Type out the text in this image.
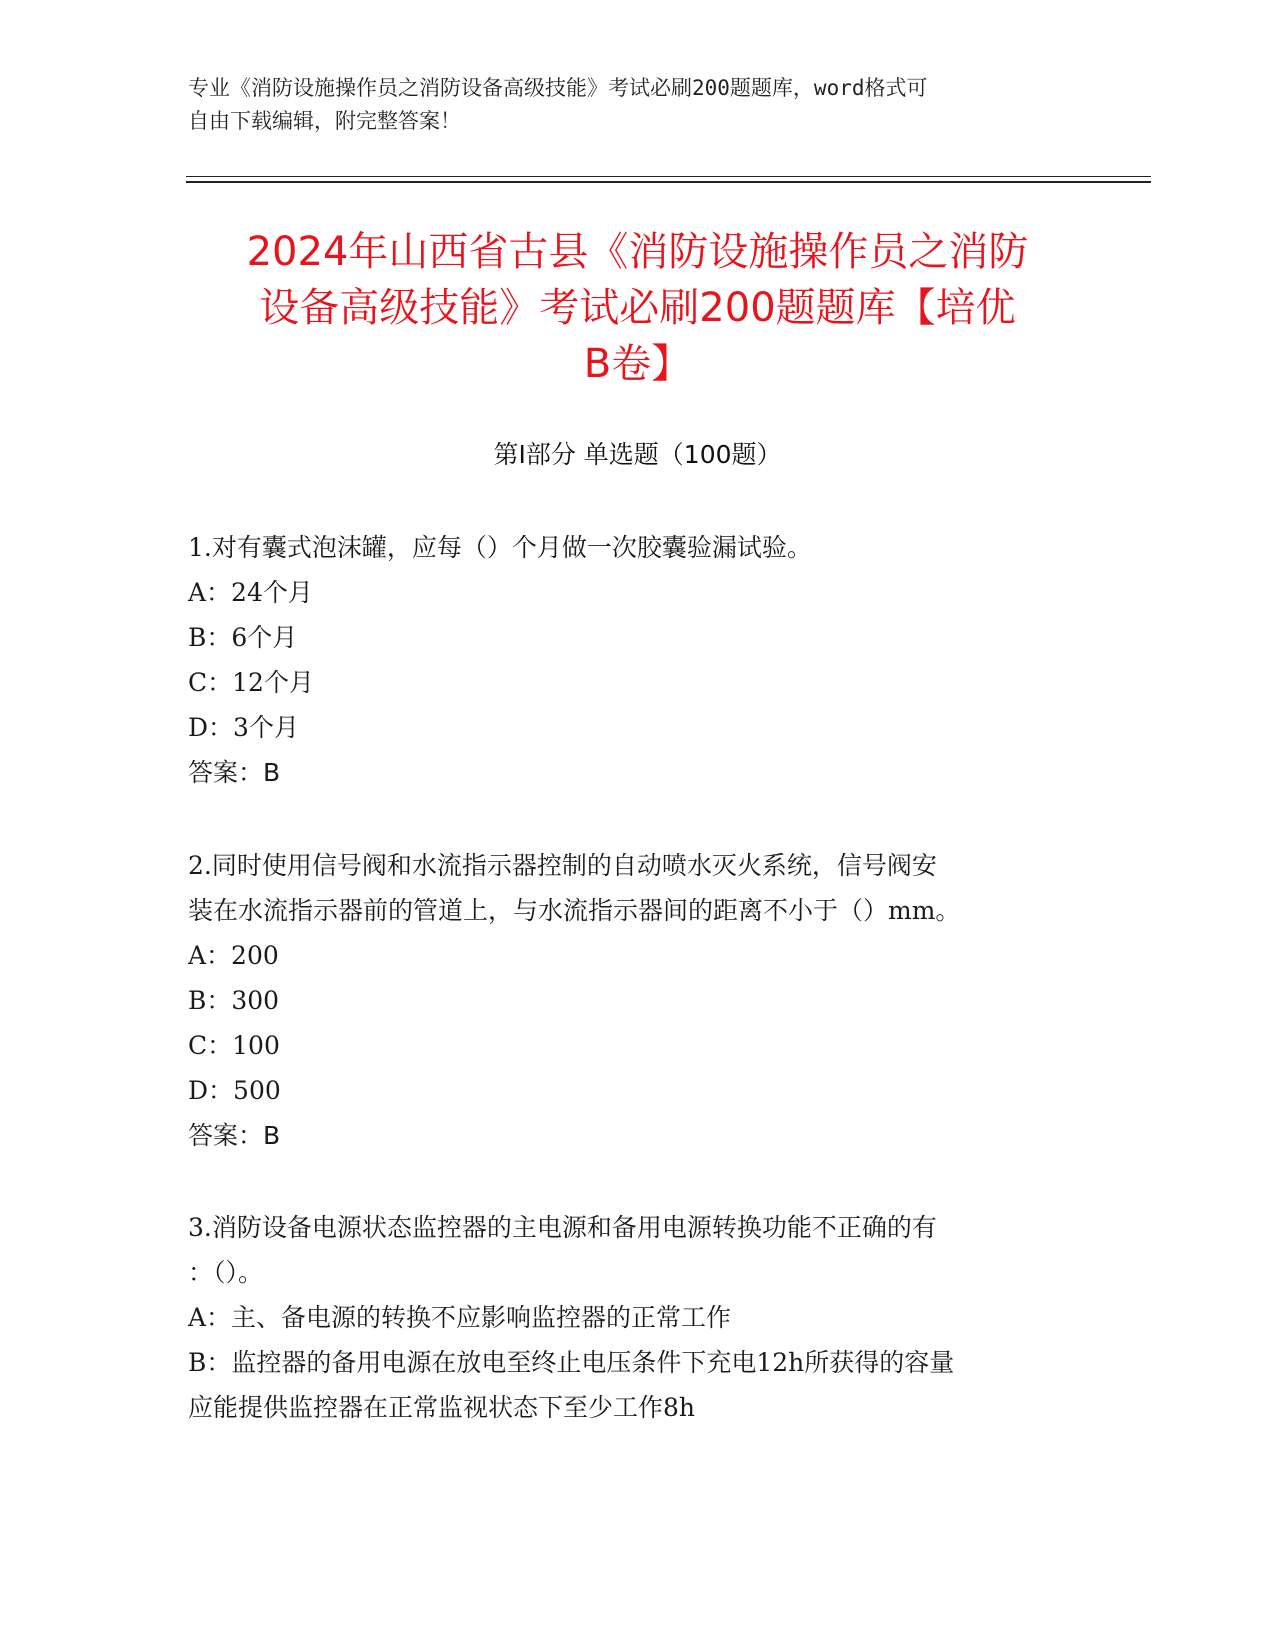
专业《消防设施操作员之消防设备高级技能》考试必刷200题题库，word格式可
自由下载编辑，附完整答案！
2024年山西省古县《消防设施操作员之消防
设备高级技能》考试必刷200题题库【培优
B卷】
第Ⅰ部分 单选题（100题）
1.对有囊式泡沫罐，应每（）个月做一次胶囊验漏试验。
A：24个月
B：6个月
C：12个月
D：3个月
答案：B
2.同时使用信号阀和水流指示器控制的自动喷水灭火系统，信号阀安
装在水流指示器前的管道上，与水流指示器间的距离不小于（）mm。
A：200
B：300
C：100
D：500
答案：B
3.消防设备电源状态监控器的主电源和备用电源转换功能不正确的有
：（）。
A：主、备电源的转换不应影响监控器的正常工作
B：监控器的备用电源在放电至终止电压条件下充电12h所获得的容量
应能提供监控器在正常监视状态下至少工作8h
